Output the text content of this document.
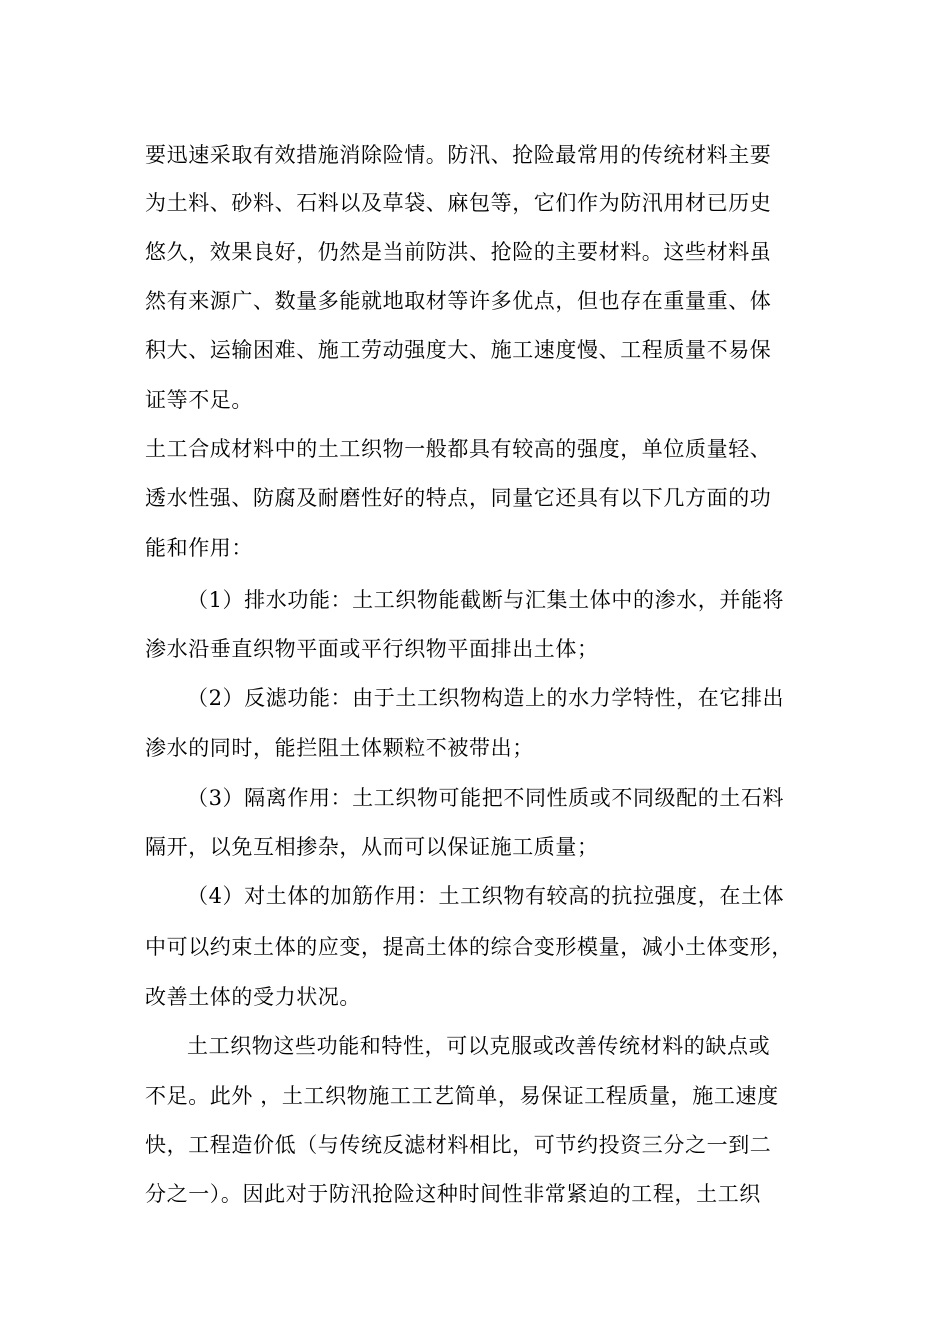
要迅速采取有效措施消除险情。防汛、抢险最常用的传统材料主要
为土料、砂料、石料以及草袋、麻包等，它们作为防汛用材已历史
悠久，效果良好，仍然是当前防洪、抢险的主要材料。这些材料虽
然有来源广、数量多能就地取材等许多优点，但也存在重量重、体
积大、运输困难、施工劳动强度大、施工速度慢、工程质量不易保
证等不足。
土工合成材料中的土工织物一般都具有较高的强度，单位质量轻、
透水性强、防腐及耐磨性好的特点，同量它还具有以下几方面的功
能和作用：
（1）排水功能：土工织物能截断与汇集土体中的渗水，并能将
渗水沿垂直织物平面或平行织物平面排出土体；
（2）反滤功能：由于土工织物构造上的水力学特性，在它排出
渗水的同时，能拦阻土体颗粒不被带出；
（3）隔离作用：土工织物可能把不同性质或不同级配的土石料
隔开，以免互相掺杂，从而可以保证施工质量；
（4）对土体的加筋作用：土工织物有较高的抗拉强度，在土体
中可以约束土体的应变，提高土体的综合变形模量，减小土体变形，
改善土体的受力状况。
土工织物这些功能和特性，可以克服或改善传统材料的缺点或
不足。此外 ，土工织物施工工艺简单，易保证工程质量，施工速度
快，工程造价低（与传统反滤材料相比，可节约投资三分之一到二
分之一）。因此对于防汛抢险这种时间性非常紧迫的工程，土工织
